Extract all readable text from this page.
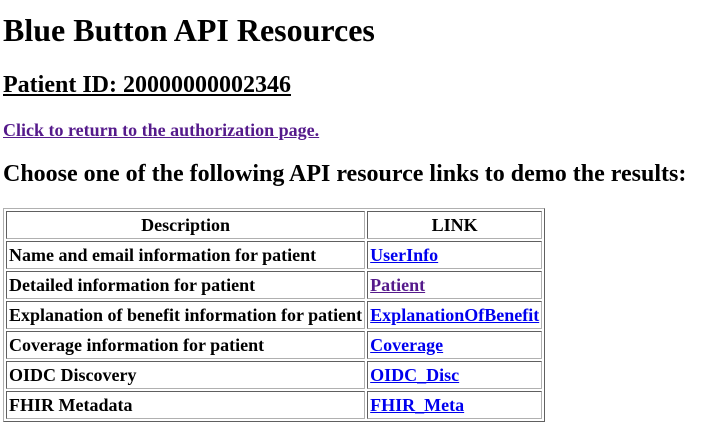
Blue Button API Resources
Patient ID: 20000000002346
Click to return to the authorization page.
Choose one of the following API resource links to demo the results:
Description	LINK
Name and email information for patient	UserInfo
Detailed information for patient	Patient
Explanation of benefit information for patient	ExplanationOfBenefit
Coverage information for patient	Coverage
OIDC Discovery	OIDC_Disc
FHIR Metadata	FHIR_Meta
